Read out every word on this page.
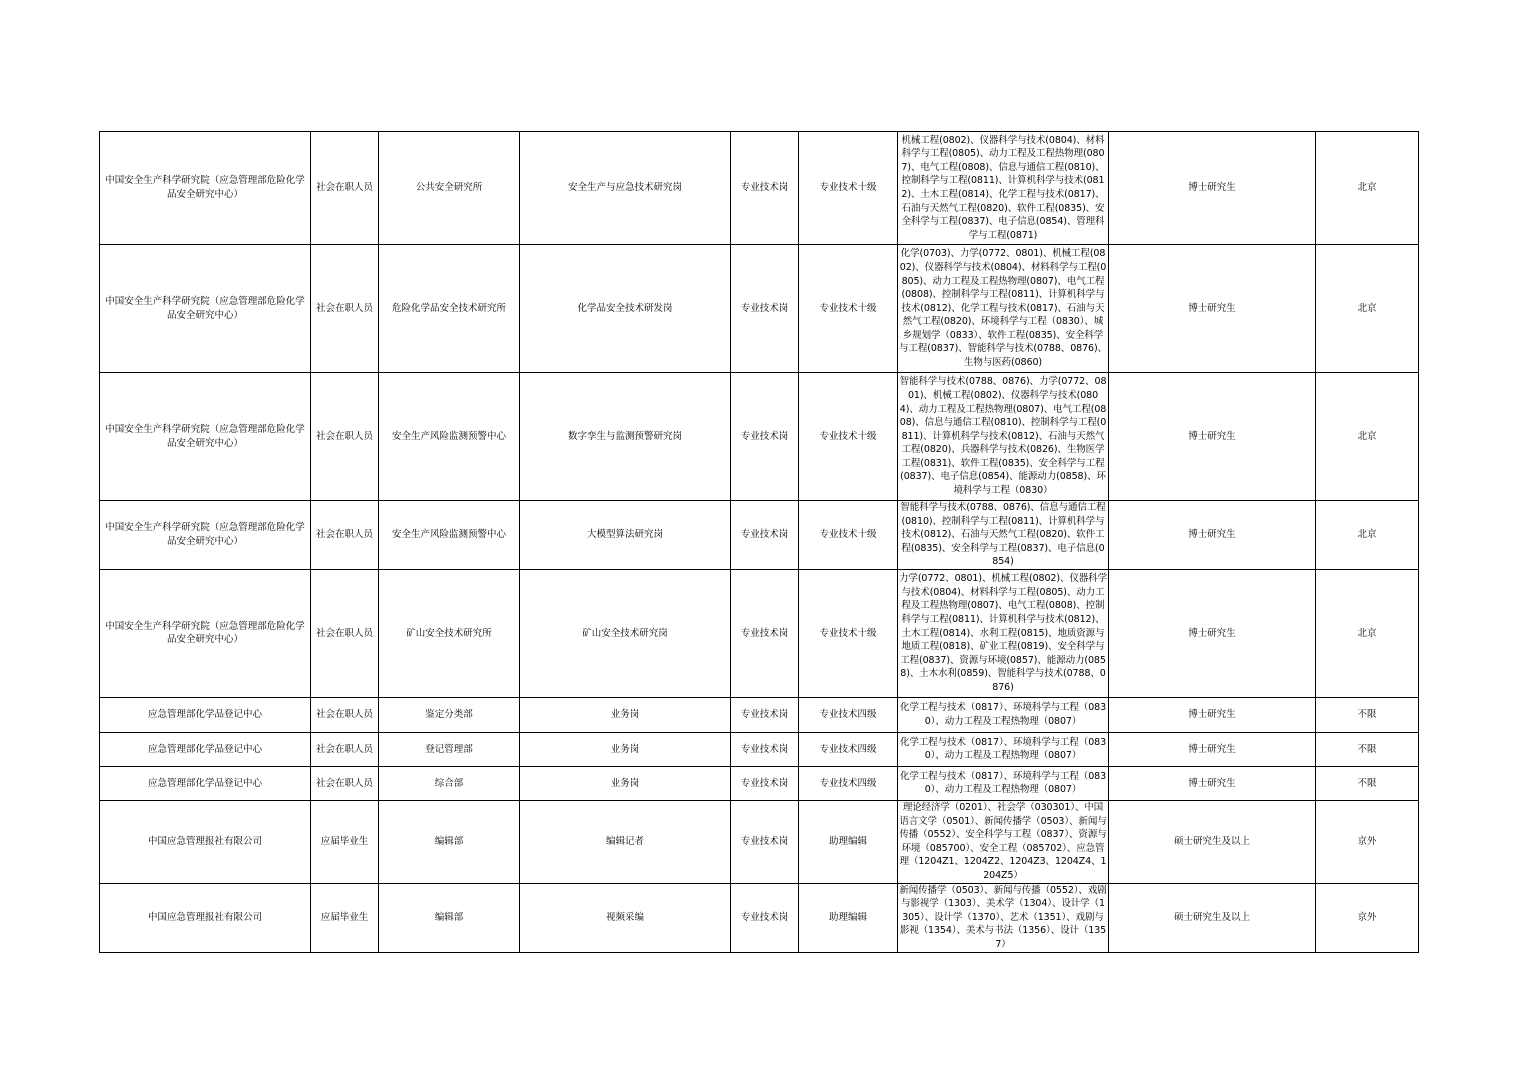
中国安全生产科学研究院（应急管理部危险化学品安全研究中心）	社会在职人员	公共安全研究所	安全生产与应急技术研究岗	专业技术岗	专业技术十级	机械工程(0802)、仪器科学与技术(0804)、材料科学与工程(0805)、动力工程及工程热物理(0807)、电气工程(0808)、信息与通信工程(0810)、控制科学与工程(0811)、计算机科学与技术(0812)、土木工程(0814)、化学工程与技术(0817)、石油与天然气工程(0820)、软件工程(0835)、安全科学与工程(0837)、电子信息(0854)、管理科学与工程(0871)	博士研究生	北京
中国安全生产科学研究院（应急管理部危险化学品安全研究中心）	社会在职人员	危险化学品安全技术研究所	化学品安全技术研发岗	专业技术岗	专业技术十级	化学(0703)、力学(0772、0801)、机械工程(0802)、仪器科学与技术(0804)、材料科学与工程(0805)、动力工程及工程热物理(0807)、电气工程(0808)、控制科学与工程(0811)、计算机科学与技术(0812)、化学工程与技术(0817)、石油与天然气工程(0820)、环境科学与工程（0830）、城乡规划学（0833）、软件工程(0835)、安全科学与工程(0837)、智能科学与技术(0788、0876)、生物与医药(0860)	博士研究生	北京
中国安全生产科学研究院（应急管理部危险化学品安全研究中心）	社会在职人员	安全生产风险监测预警中心	数字孪生与监测预警研究岗	专业技术岗	专业技术十级	智能科学与技术(0788、0876)、力学(0772、0801)、机械工程(0802)、仪器科学与技术(0804)、动力工程及工程热物理(0807)、电气工程(0808)、信息与通信工程(0810)、控制科学与工程(0811)、计算机科学与技术(0812)、石油与天然气工程(0820)、兵器科学与技术(0826)、生物医学工程(0831)、软件工程(0835)、安全科学与工程(0837)、电子信息(0854)、能源动力(0858)、环境科学与工程（0830）	博士研究生	北京
中国安全生产科学研究院（应急管理部危险化学品安全研究中心）	社会在职人员	安全生产风险监测预警中心	大模型算法研究岗	专业技术岗	专业技术十级	智能科学与技术(0788、0876)、信息与通信工程(0810)、控制科学与工程(0811)、计算机科学与技术(0812)、石油与天然气工程(0820)、软件工程(0835)、安全科学与工程(0837)、电子信息(0854)	博士研究生	北京
中国安全生产科学研究院（应急管理部危险化学品安全研究中心）	社会在职人员	矿山安全技术研究所	矿山安全技术研究岗	专业技术岗	专业技术十级	力学(0772、0801)、机械工程(0802)、仪器科学与技术(0804)、材料科学与工程(0805)、动力工程及工程热物理(0807)、电气工程(0808)、控制科学与工程(0811)、计算机科学与技术(0812)、土木工程(0814)、水利工程(0815)、地质资源与地质工程(0818)、矿业工程(0819)、安全科学与工程(0837)、资源与环境(0857)、能源动力(0858)、土木水利(0859)、智能科学与技术(0788、0876)	博士研究生	北京
应急管理部化学品登记中心	社会在职人员	鉴定分类部	业务岗	专业技术岗	专业技术四级	化学工程与技术（0817）、环境科学与工程（0830）、动力工程及工程热物理（0807）	博士研究生	不限
应急管理部化学品登记中心	社会在职人员	登记管理部	业务岗	专业技术岗	专业技术四级	化学工程与技术（0817）、环境科学与工程（0830）、动力工程及工程热物理（0807）	博士研究生	不限
应急管理部化学品登记中心	社会在职人员	综合部	业务岗	专业技术岗	专业技术四级	化学工程与技术（0817）、环境科学与工程（0830）、动力工程及工程热物理（0807）	博士研究生	不限
中国应急管理报社有限公司	应届毕业生	编辑部	编辑记者	专业技术岗	助理编辑	理论经济学（0201）、社会学（030301）、中国语言文学（0501）、新闻传播学（0503）、新闻与传播（0552）、安全科学与工程（0837）、资源与环境（085700）、安全工程（085702）、应急管理（1204Z1、1204Z2、1204Z3、1204Z4、1204Z5）	硕士研究生及以上	京外
中国应急管理报社有限公司	应届毕业生	编辑部	视频采编	专业技术岗	助理编辑	新闻传播学（0503）、新闻与传播（0552）、戏剧与影视学（1303）、美术学（1304）、设计学（1305）、设计学（1370）、艺术（1351）、戏剧与影视（1354）、美术与书法（1356）、设计（1357）	硕士研究生及以上	京外
